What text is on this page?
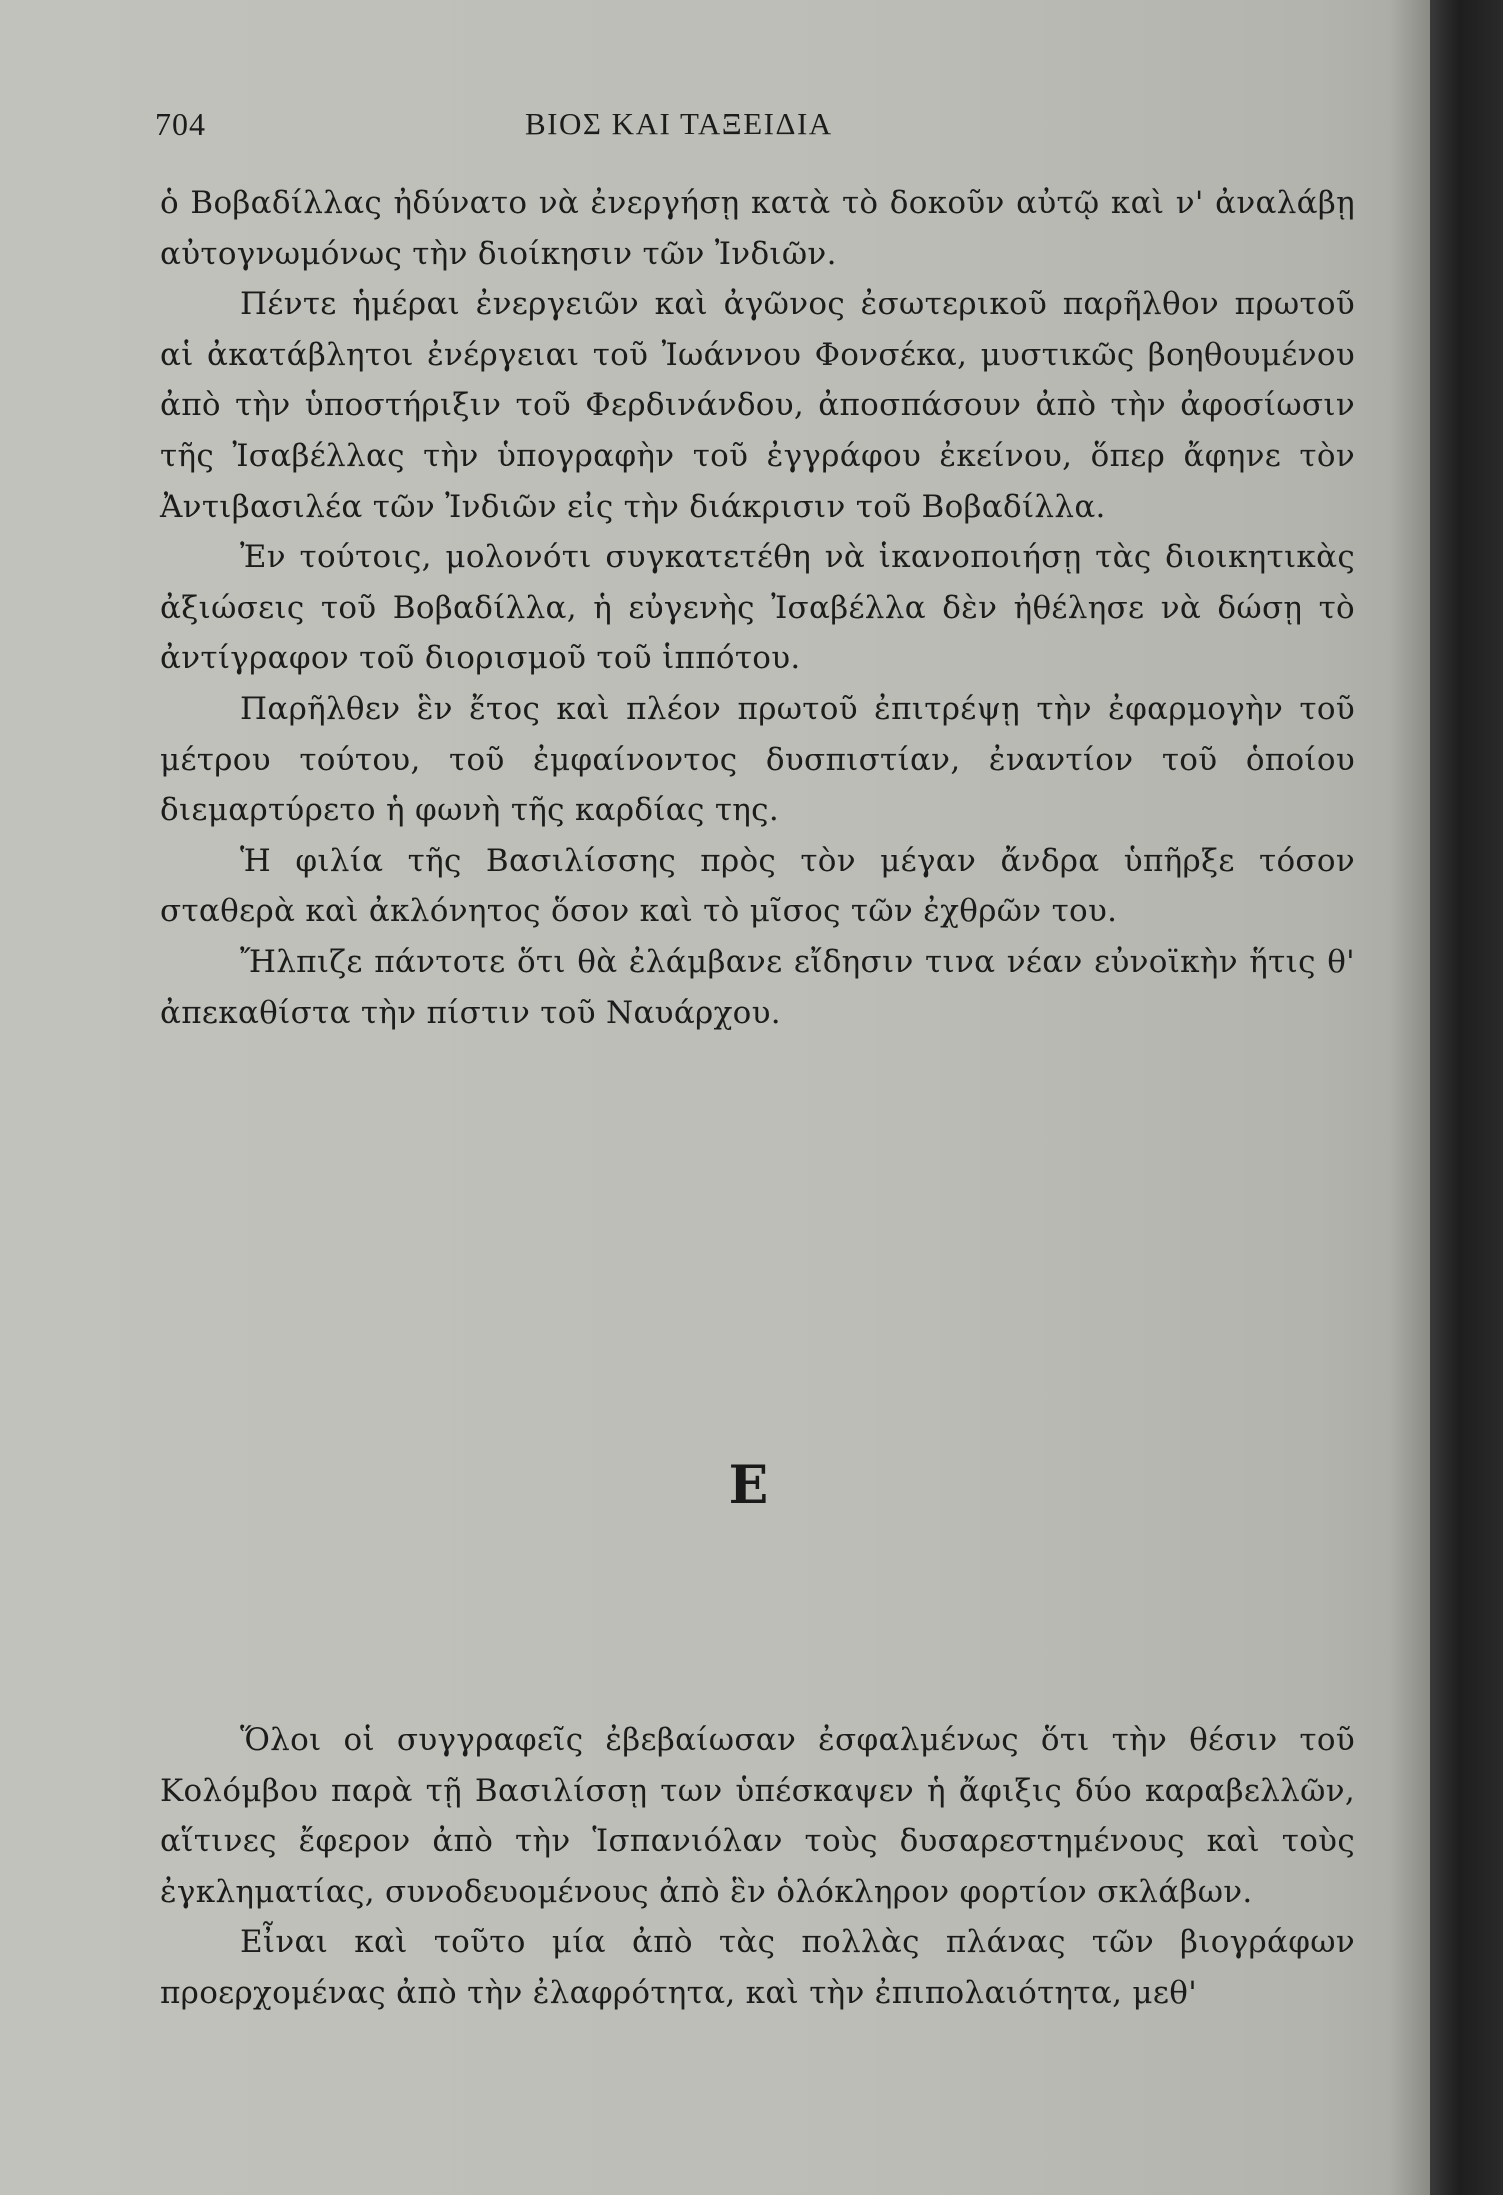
704	ΒΙΟΣ ΚΑΙ ΤΑΞΕΙΔΙΑ

ὁ Βοβαδίλλας ἠδύνατο νὰ ἐνεργήσῃ κατὰ τὸ δοκοῦν αὐτῷ καὶ ν' ἀναλάβῃ αὐτογνωμόνως τὴν διοίκησιν τῶν Ἰνδιῶν.

Πέντε ἡμέραι ἐνεργειῶν καὶ ἀγῶνος ἐσωτερικοῦ παρῆλθον πρωτοῦ αἱ ἀκατάβλητοι ἐνέργειαι τοῦ Ἰωάννου Φονσέκα, μυστικῶς βοηθουμένου ἀπὸ τὴν ὑποστήριξιν τοῦ Φερδινάνδου, ἀποσπάσουν ἀπὸ τὴν ἀφοσίωσιν τῆς Ἰσαβέλλας τὴν ὑπογραφὴν τοῦ ἐγγράφου ἐκείνου, ὅπερ ἄφηνε τὸν Ἀντιβασιλέα τῶν Ἰνδιῶν εἰς τὴν διάκρισιν τοῦ Βοβαδίλλα.

Ἐν τούτοις, μολονότι συγκατετέθη νὰ ἱκανοποιήσῃ τὰς διοικητικὰς ἀξιώσεις τοῦ Βοβαδίλλα, ἡ εὐγενὴς Ἰσαβέλλα δὲν ἠθέλησε νὰ δώσῃ τὸ ἀντίγραφον τοῦ διορισμοῦ τοῦ ἱππότου.

Παρῆλθεν ἓν ἔτος καὶ πλέον πρωτοῦ ἐπιτρέψῃ τὴν ἐφαρμογὴν τοῦ μέτρου τούτου, τοῦ ἐμφαίνοντος δυσπιστίαν, ἐναντίον τοῦ ὁποίου διεμαρτύρετο ἡ φωνὴ τῆς καρδίας της.

Ἡ φιλία τῆς Βασιλίσσης πρὸς τὸν μέγαν ἄνδρα ὑπῆρξε τόσον σταθερὰ καὶ ἀκλόνητος ὅσον καὶ τὸ μῖσος τῶν ἐχθρῶν του.

Ἤλπιζε πάντοτε ὅτι θὰ ἐλάμβανε εἴδησιν τινα νέαν εὐνοϊκὴν ἥτις θ' ἀπεκαθίστα τὴν πίστιν τοῦ Ναυάρχου.

Ε

Ὅλοι οἱ συγγραφεῖς ἐβεβαίωσαν ἐσφαλμένως ὅτι τὴν θέσιν τοῦ Κολόμβου παρὰ τῇ Βασιλίσσῃ των ὑπέσκαψεν ἡ ἄφιξις δύο καραβελλῶν, αἵτινες ἔφερον ἀπὸ τὴν Ἱσπανιόλαν τοὺς δυσαρεστημένους καὶ τοὺς ἐγκληματίας, συνοδευομένους ἀπὸ ἓν ὁλόκληρον φορτίον σκλάβων.

Εἶναι καὶ τοῦτο μία ἀπὸ τὰς πολλὰς πλάνας τῶν βιογράφων προερχομένας ἀπὸ τὴν ἐλαφρότητα, καὶ τὴν ἐπιπολαιότητα, μεθ'
